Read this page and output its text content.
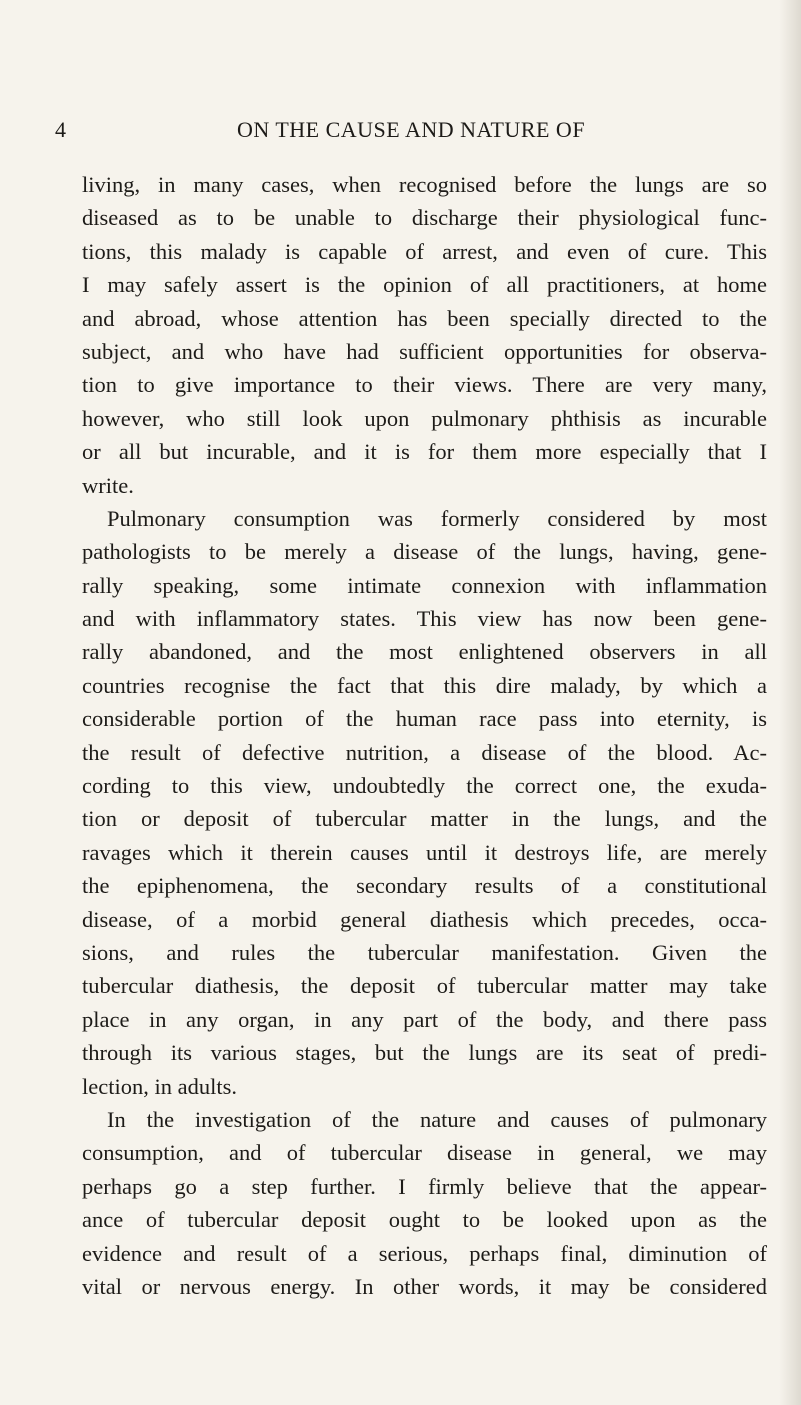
4	ON THE CAUSE AND NATURE OF
living, in many cases, when recognised before the lungs are so
diseased as to be unable to discharge their physiological func-
tions, this malady is capable of arrest, and even of cure. This
I may safely assert is the opinion of all practitioners, at home
and abroad, whose attention has been specially directed to the
subject, and who have had sufficient opportunities for observa-
tion to give importance to their views. There are very many,
however, who still look upon pulmonary phthisis as incurable
or all but incurable, and it is for them more especially that I
write.
Pulmonary consumption was formerly considered by most
pathologists to be merely a disease of the lungs, having, gene-
rally speaking, some intimate connexion with inflammation
and with inflammatory states. This view has now been gene-
rally abandoned, and the most enlightened observers in all
countries recognise the fact that this dire malady, by which a
considerable portion of the human race pass into eternity, is
the result of defective nutrition, a disease of the blood. Ac-
cording to this view, undoubtedly the correct one, the exuda-
tion or deposit of tubercular matter in the lungs, and the
ravages which it therein causes until it destroys life, are merely
the epiphenomena, the secondary results of a constitutional
disease, of a morbid general diathesis which precedes, occa-
sions, and rules the tubercular manifestation. Given the
tubercular diathesis, the deposit of tubercular matter may take
place in any organ, in any part of the body, and there pass
through its various stages, but the lungs are its seat of predi-
lection, in adults.
In the investigation of the nature and causes of pulmonary
consumption, and of tubercular disease in general, we may
perhaps go a step further. I firmly believe that the appear-
ance of tubercular deposit ought to be looked upon as the
evidence and result of a serious, perhaps final, diminution of
vital or nervous energy. In other words, it may be considered
